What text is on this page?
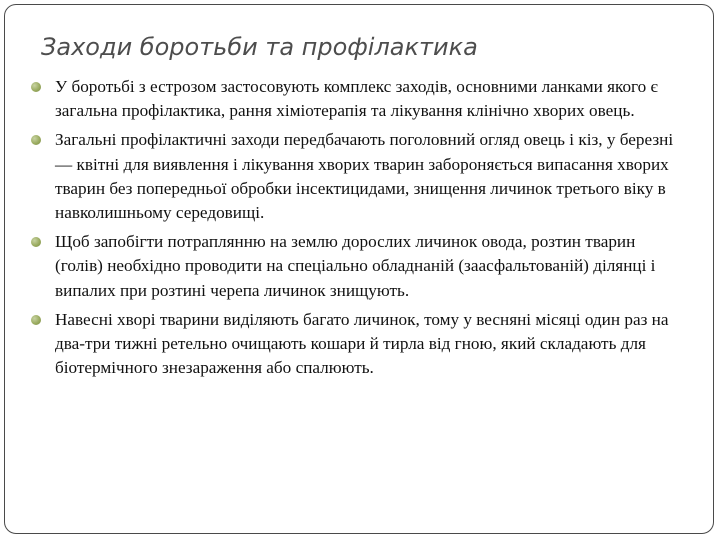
Заходи боротьби та профілактика
У боротьбі з естрозом застосовують комплекс заходів, основними ланками якого є загальна профілактика, рання хіміотерапія та лікування клінічно хворих овець.
Загальні профілактичні заходи передбачають поголовний огляд овець і кіз, у березні — квітні для виявлення і лікування хворих тварин забороняється випасання хворих тварин без попередньої обробки інсектицидами, знищення личинок третього віку в навколишньому середовищі.
Щоб запобігти потраплянню на землю дорослих личинок овода, розтин тварин (голів) необхідно проводити на спеціально обладнаній (заасфальтованій) ділянці і випалих при розтині черепа личинок знищують.
Навесні хворі тварини виділяють багато личинок, тому у весняні місяці один раз на два-три тижні ретельно очищають кошари й тирла від гною, який складають для біотермічного знезараження або спалюють.
